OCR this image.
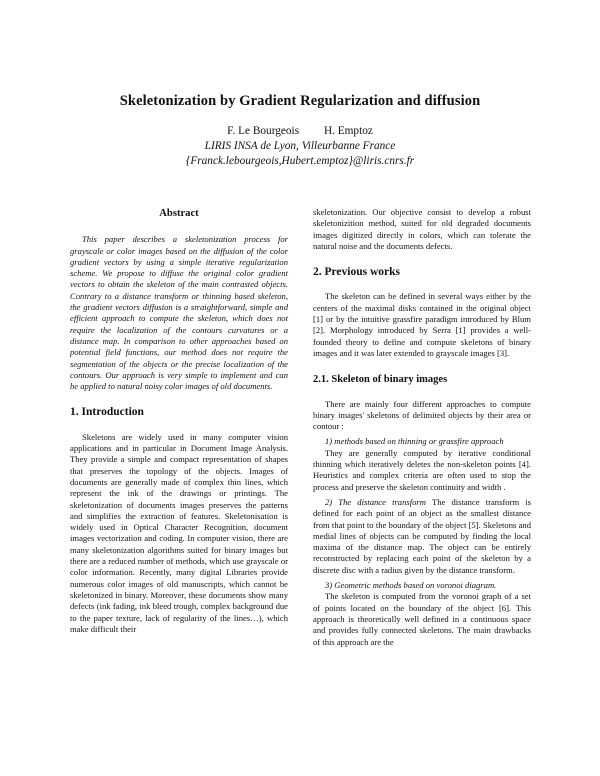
Skeletonization by Gradient Regularization and diffusion
F. Le Bourgeois H. Emptoz
LIRIS INSA de Lyon, Villeurbanne France
{Franck.lebourgeois,Hubert.emptoz}@liris.cnrs.fr
Abstract

This paper describes a skeletonization process for grayscale or color images based on the diffusion of the color gradient vectors by using a simple iterative regularization scheme. We propose to diffuse the original color gradient vectors to obtain the skeleton of the main contrasted objects. Contrary to a distance transform or thinning based skeleton, the gradient vectors diffusion is a straightforward, simple and efficient approach to compute the skeleton, which does not require the localization of the contours curvatures or a distance map. In comparison to other approaches based on potential field functions, our method does not require the segmentation of the objects or the precise localization of the contours. Our approach is very simple to implement and can be applied to natural noisy color images of old documents.

1. Introduction

Skeletons are widely used in many computer vision applications and in particular in Document Image Analysis. They provide a simple and compact representation of shapes that preserves the topology of the objects. Images of documents are generally made of complex thin lines, which represent the ink of the drawings or printings. The skeletonization of documents images preserves the patterns and simplifies the extraction of features. Skeletonisation is widely used in Optical Character Recognition, document images vectorization and coding. In computer vision, there are many skeletonization algorithms suited for binary images but there are a reduced number of methods, which use grayscale or color information. Recently, many digital Libraries provide numerous color images of old manuscripts, which cannot be skeletonized in binary. Moreover, these documents show many defects (ink fading, ink bleed trough, complex background due to the paper texture, lack of regularity of the lines…), which make difficult their

skeletonization. Our objective consist to develop a robust skeletonizition method, suited for old degraded documents images digitized directly in colors, which can tolerate the natural noise and the documents defects.

2. Previous works

The skeleton can be defined in several ways either by the centers of the maximal disks contained in the original object [1] or by the intuitive grassfire paradigm introduced by Blum [2]. Morphology introduced by Serra [1] provides a well-founded theory to define and compute skeletons of binary images and it was later extended to grayscale images [3].

2.1. Skeleton of binary images

There are mainly four different approaches to compute binary images' skeletons of delimited objects by their area or contour :

1) methods based on thinning or grassfire approach

They are generally computed by iterative conditional thinning which iteratively deletes the non-skeleton points [4]. Heuristics and complex criteria are often used to stop the process and preserve the skeleton continuity and width .

2) The distance transform The distance transform is defined for each point of an object as the smallest distance from that point to the boundary of the object [5]. Skeletons and medial lines of objects can be computed by finding the local maxima of the distance map. The object can be entirely reconstructed by replacing each point of the skeleton by a discrete disc with a radius given by the distance transform.

3) Geometric methods based on voronoi diagram.

The skeleton is computed from the voronoi graph of a set of points located on the boundary of the object [6]. This approach is theoretically well defined in a continuous space and provides fully connected skeletons. The main drawbacks of this approach are the
